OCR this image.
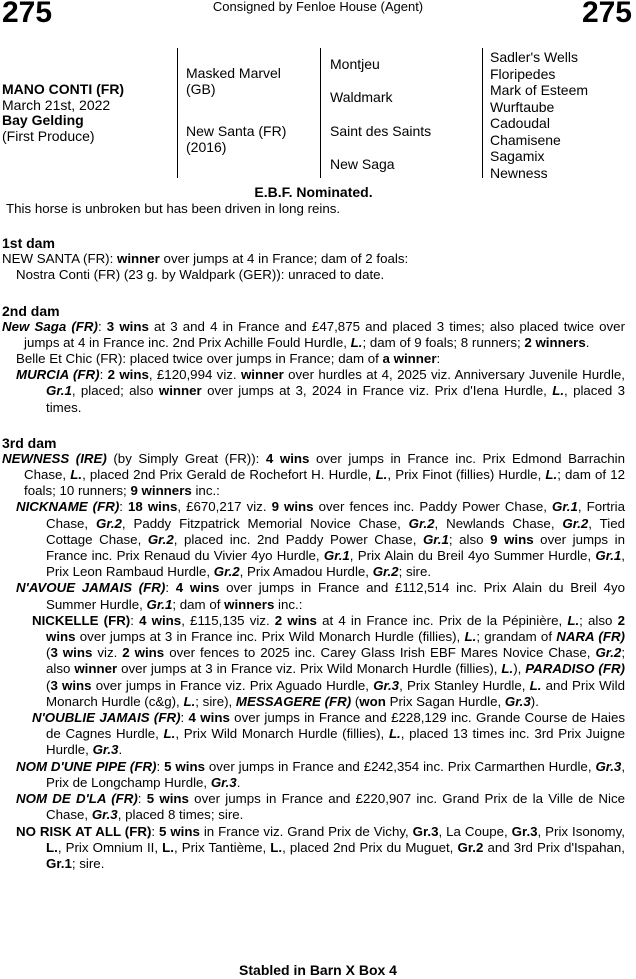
275	Consigned by Fenloe House (Agent)	275
MANO CONTI (FR)
March 21st, 2022
Bay Gelding
(First Produce)
Masked Marvel
(GB)
New Santa (FR)
(2016)
Montjeu
Waldmark
Saint des Saints
New Saga
Sadler's Wells
Floripedes
Mark of Esteem
Wurftaube
Cadoudal
Chamisene
Sagamix
Newness
E.B.F. Nominated.

This horse is unbroken but has been driven in long reins.

1st dam

NEW SANTA (FR): winner over jumps at 4 in France; dam of 2 foals:

Nostra Conti (FR) (23 g. by Waldpark (GER)): unraced to date.

2nd dam

New Saga (FR): 3 wins at 3 and 4 in France and £47,875 and placed 3 times; also placed twice over jumps at 4 in France inc. 2nd Prix Achille Fould Hurdle, L.; dam of 9 foals; 8 runners; 2 winners.

Belle Et Chic (FR): placed twice over jumps in France; dam of a winner:

MURCIA (FR): 2 wins, £120,994 viz. winner over hurdles at 4, 2025 viz. Anniversary Juvenile Hurdle, Gr.1, placed; also winner over jumps at 3, 2024 in France viz. Prix d'Iena Hurdle, L., placed 3 times.

3rd dam

NEWNESS (IRE) (by Simply Great (FR)): 4 wins over jumps in France inc. Prix Edmond Barrachin Chase, L., placed 2nd Prix Gerald de Rochefort H. Hurdle, L., Prix Finot (fillies) Hurdle, L.; dam of 12 foals; 10 runners; 9 winners inc.:

NICKNAME (FR): 18 wins, £670,217 viz. 9 wins over fences inc. Paddy Power Chase, Gr.1, Fortria Chase, Gr.2, Paddy Fitzpatrick Memorial Novice Chase, Gr.2, Newlands Chase, Gr.2, Tied Cottage Chase, Gr.2, placed inc. 2nd Paddy Power Chase, Gr.1; also 9 wins over jumps in France inc. Prix Renaud du Vivier 4yo Hurdle, Gr.1, Prix Alain du Breil 4yo Summer Hurdle, Gr.1, Prix Leon Rambaud Hurdle, Gr.2, Prix Amadou Hurdle, Gr.2; sire.

N'AVOUE JAMAIS (FR): 4 wins over jumps in France and £112,514 inc. Prix Alain du Breil 4yo Summer Hurdle, Gr.1; dam of winners inc.:

NICKELLE (FR): 4 wins, £115,135 viz. 2 wins at 4 in France inc. Prix de la Pépinière, L.; also 2 wins over jumps at 3 in France inc. Prix Wild Monarch Hurdle (fillies), L.; grandam of NARA (FR) (3 wins viz. 2 wins over fences to 2025 inc. Carey Glass Irish EBF Mares Novice Chase, Gr.2; also winner over jumps at 3 in France viz. Prix Wild Monarch Hurdle (fillies), L.), PARADISO (FR) (3 wins over jumps in France viz. Prix Aguado Hurdle, Gr.3, Prix Stanley Hurdle, L. and Prix Wild Monarch Hurdle (c&g), L.; sire), MESSAGERE (FR) (won Prix Sagan Hurdle, Gr.3).

N'OUBLIE JAMAIS (FR): 4 wins over jumps in France and £228,129 inc. Grande Course de Haies de Cagnes Hurdle, L., Prix Wild Monarch Hurdle (fillies), L., placed 13 times inc. 3rd Prix Juigne Hurdle, Gr.3.

NOM D'UNE PIPE (FR): 5 wins over jumps in France and £242,354 inc. Prix Carmarthen Hurdle, Gr.3, Prix de Longchamp Hurdle, Gr.3.

NOM DE D'LA (FR): 5 wins over jumps in France and £220,907 inc. Grand Prix de la Ville de Nice Chase, Gr.3, placed 8 times; sire.

NO RISK AT ALL (FR): 5 wins in France viz. Grand Prix de Vichy, Gr.3, La Coupe, Gr.3, Prix Isonomy, L., Prix Omnium II, L., Prix Tantième, L., placed 2nd Prix du Muguet, Gr.2 and 3rd Prix d'Ispahan, Gr.1; sire.

Stabled in Barn X Box 4
